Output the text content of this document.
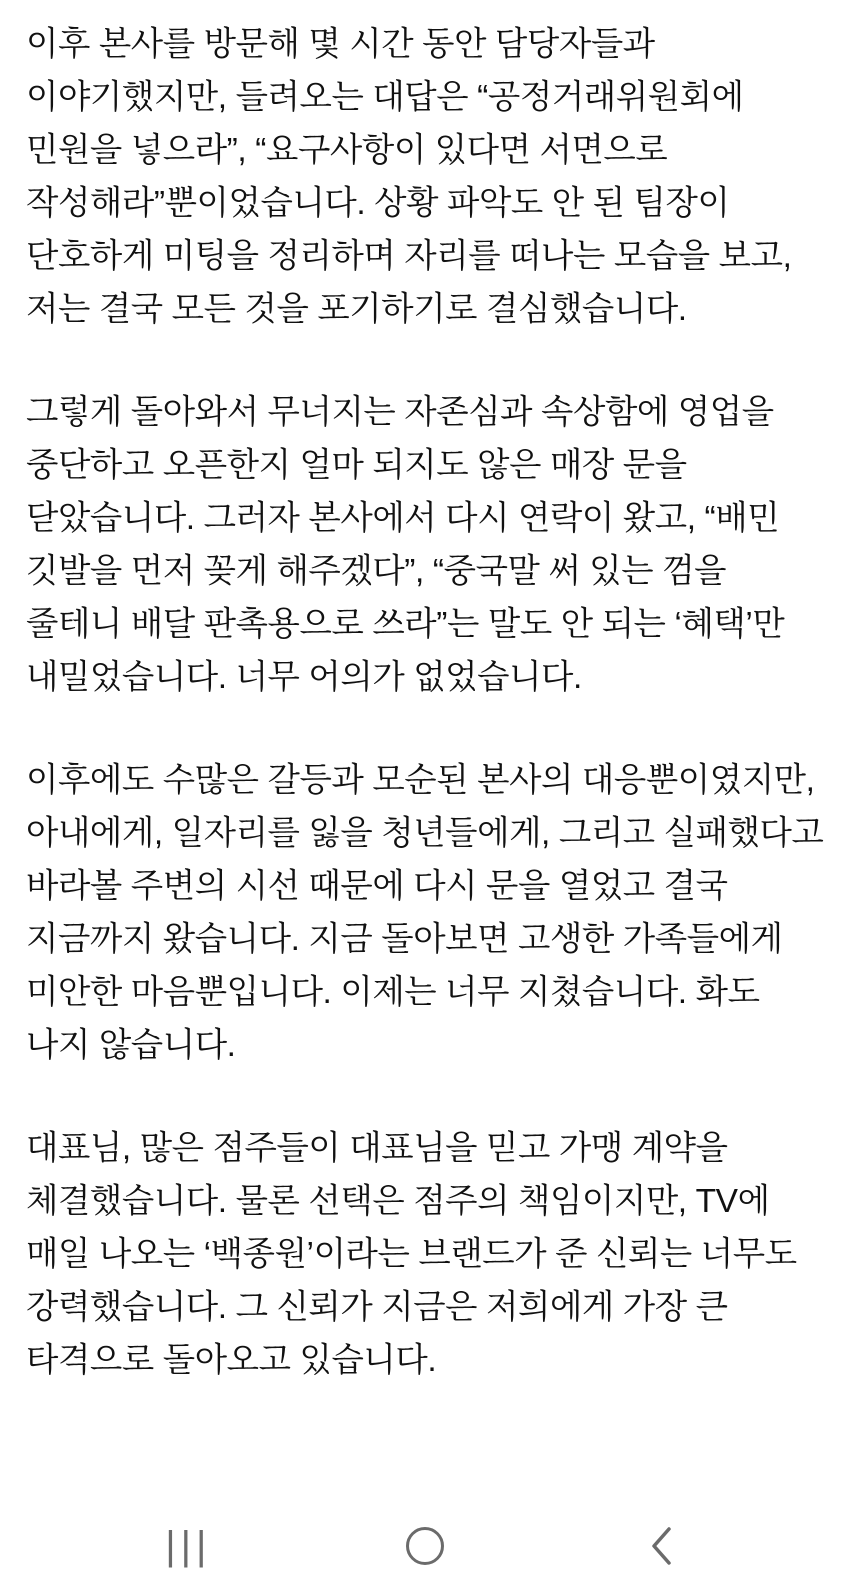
이후 본사를 방문해 몇 시간 동안 담당자들과 이야기했지만, 들려오는 대답은 “공정거래위원회에 민원을 넣으라”, “요구사항이 있다면 서면으로 작성해라”뿐이었습니다. 상황 파악도 안 된 팀장이 단호하게 미팅을 정리하며 자리를 떠나는 모습을 보고, 저는 결국 모든 것을 포기하기로 결심했습니다.

그렇게 돌아와서 무너지는 자존심과 속상함에 영업을 중단하고 오픈한지 얼마 되지도 않은 매장 문을 닫았습니다. 그러자 본사에서 다시 연락이 왔고, “배민 깃발을 먼저 꽂게 해주겠다”, “중국말 써 있는 껌을 줄테니 배달 판촉용으로 쓰라”는 말도 안 되는 ‘혜택’만 내밀었습니다. 너무 어의가 없었습니다.

이후에도 수많은 갈등과 모순된 본사의 대응뿐이였지만, 아내에게, 일자리를 잃을 청년들에게, 그리고 실패했다고 바라볼 주변의 시선 때문에 다시 문을 열었고 결국 지금까지 왔습니다. 지금 돌아보면 고생한 가족들에게 미안한 마음뿐입니다. 이제는 너무 지쳤습니다. 화도 나지 않습니다.

대표님, 많은 점주들이 대표님을 믿고 가맹 계약을 체결했습니다. 물론 선택은 점주의 책임이지만, TV에 매일 나오는 ‘백종원’이라는 브랜드가 준 신뢰는 너무도 강력했습니다. 그 신뢰가 지금은 저희에게 가장 큰 타격으로 돌아오고 있습니다.

|||
